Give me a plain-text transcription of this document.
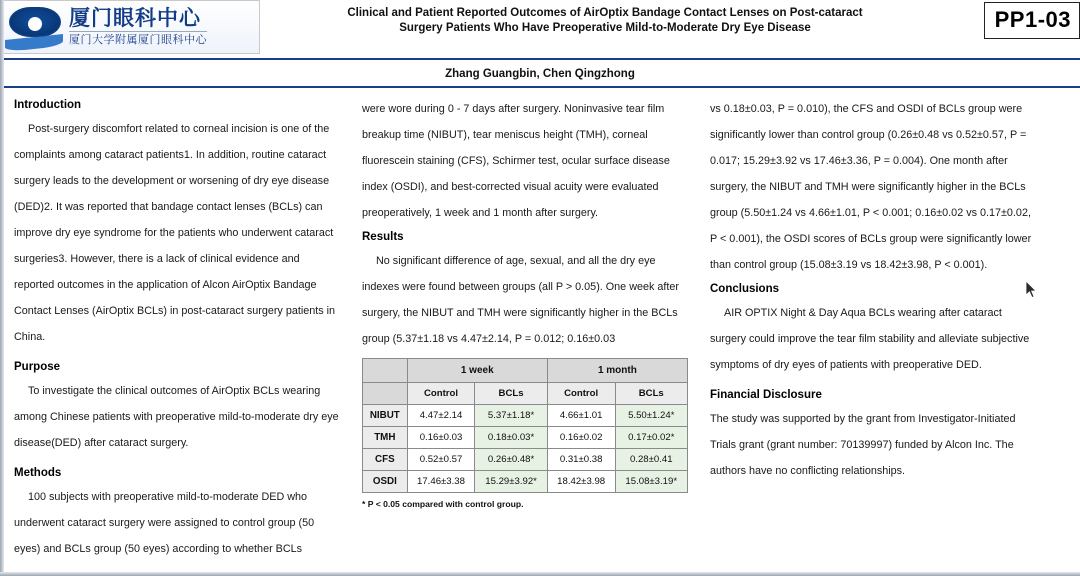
厦门眼科中心
厦门大学附属厦门眼科中心
Clinical and Patient Reported Outcomes of AirOptix Bandage Contact Lenses on Post-cataract
Surgery Patients Who Have Preoperative Mild-to-Moderate Dry Eye Disease	PP1-03
Zhang Guangbin, Chen Qingzhong
Introduction

Post-surgery discomfort related to corneal incision is one of the complaints among cataract patients1. In addition, routine cataract surgery leads to the development or worsening of dry eye disease (DED)2. It was reported that bandage contact lenses (BCLs) can improve dry eye syndrome for the patients who underwent cataract surgeries3. However, there is a lack of clinical evidence and reported outcomes in the application of Alcon AirOptix Bandage Contact Lenses (AirOptix BCLs) in post-cataract surgery patients in China.

Purpose

To investigate the clinical outcomes of AirOptix BCLs wearing among Chinese patients with preoperative mild-to-moderate dry eye disease(DED) after cataract surgery.

Methods

100 subjects with preoperative mild-to-moderate DED who underwent cataract surgery were assigned to control group (50 eyes) and BCLs group (50 eyes) according to whether BCLs

were wore during 0 - 7 days after surgery. Noninvasive tear film breakup time (NIBUT), tear meniscus height (TMH), corneal fluorescein staining (CFS), Schirmer test, ocular surface disease index (OSDI), and best-corrected visual acuity were evaluated preoperatively, 1 week and 1 month after surgery.

Results

No significant difference of age, sexual, and all the dry eye indexes were found between groups (all P > 0.05). One week after surgery, the NIBUT and TMH were significantly higher in the BCLs group (5.37±1.18 vs 4.47±2.14, P = 0.012; 0.16±0.03

	1 week		1 month	
	Control	BCLs	Control	BCLs
NIBUT	4.47±2.14	5.37±1.18*	4.66±1.01	5.50±1.24*
TMH	0.16±0.03	0.18±0.03*	0.16±0.02	0.17±0.02*
CFS	0.52±0.57	0.26±0.48*	0.31±0.38	0.28±0.41
OSDI	17.46±3.38	15.29±3.92*	18.42±3.98	15.08±3.19*
* P < 0.05 compared with control group.

vs 0.18±0.03, P = 0.010), the CFS and OSDI of BCLs group were significantly lower than control group (0.26±0.48 vs 0.52±0.57, P = 0.017; 15.29±3.92 vs 17.46±3.36, P = 0.004). One month after surgery, the NIBUT and TMH were significantly higher in the BCLs group (5.50±1.24 vs 4.66±1.01, P < 0.001; 0.16±0.02 vs 0.17±0.02, P < 0.001), the OSDI scores of BCLs group were significantly lower than control group (15.08±3.19 vs 18.42±3.98, P < 0.001).

Conclusions

AIR OPTIX Night & Day Aqua BCLs wearing after cataract surgery could improve the tear film stability and alleviate subjective symptoms of dry eyes of patients with preoperative DED.

Financial Disclosure

The study was supported by the grant from Investigator-Initiated Trials grant (grant number: 70139997) funded by Alcon Inc. The authors have no conflicting relationships.
